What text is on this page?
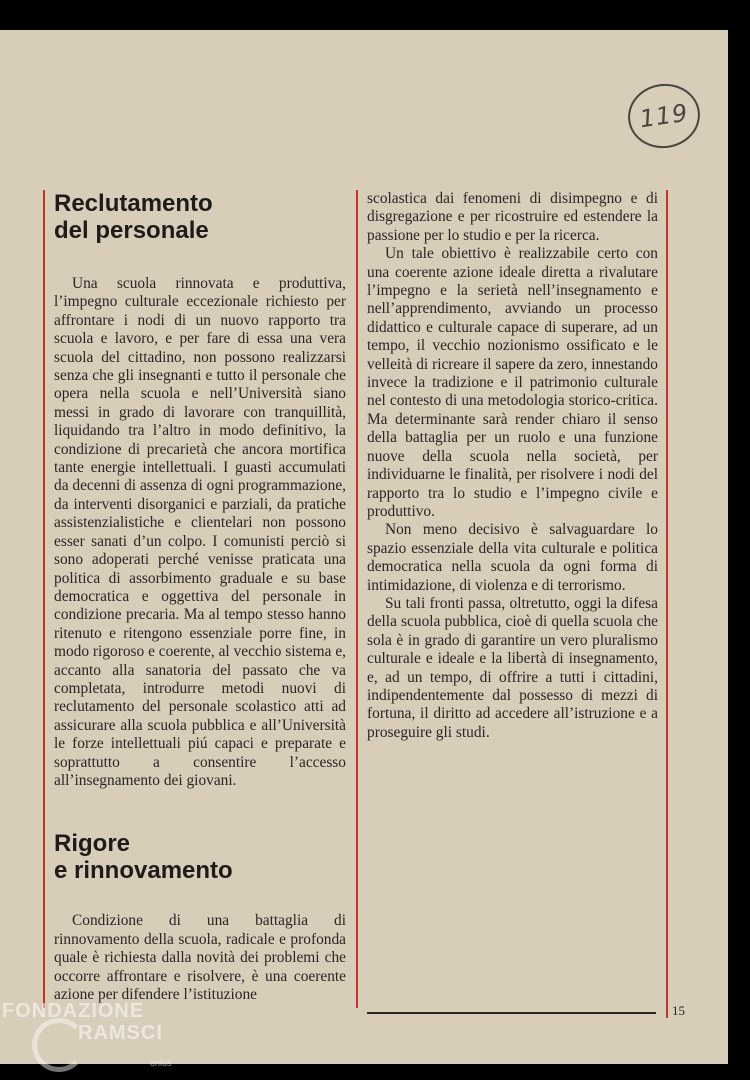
119
Reclutamento
del personale

Una scuola rinnovata e produttiva, l’impegno culturale eccezionale richiesto per affrontare i nodi di un nuovo rapporto tra scuola e lavoro, e per fare di essa una vera scuola del cittadino, non possono realizzarsi senza che gli insegnanti e tutto il personale che opera nella scuola e nell’Università siano messi in grado di lavorare con tranquillità, liquidando tra l’altro in modo definitivo, la condizione di precarietà che ancora mortifica tante energie intellettuali. I guasti accumulati da decenni di assenza di ogni programmazione, da interventi disorganici e parziali, da pratiche assistenzialistiche e clientelari non possono esser sanati d’un colpo. I comunisti perciò si sono adoperati perché venisse praticata una politica di assorbimento graduale e su base democratica e oggettiva del personale in condizione precaria. Ma al tempo stesso hanno ritenuto e ritengono essenziale porre fine, in modo rigoroso e coerente, al vecchio sistema e, accanto alla sanatoria del passato che va completata, introdurre metodi nuovi di reclutamento del personale scolastico atti ad assicurare alla scuola pubblica e all’Università le forze intellettuali piú capaci e preparate e soprattutto a consentire l’accesso all’insegnamento dei giovani.

Rigore
e rinnovamento

Condizione di una battaglia di rinnovamento della scuola, radicale e profonda quale è richiesta dalla novità dei problemi che occorre affrontare e risolvere, è una coerente azione per difendere l’istituzione

scolastica dai fenomeni di disimpegno e di disgregazione e per ricostruire ed estendere la passione per lo studio e per la ricerca.

Un tale obiettivo è realizzabile certo con una coerente azione ideale diretta a rivalutare l’impegno e la serietà nell’insegnamento e nell’apprendimento, avviando un processo didattico e culturale capace di superare, ad un tempo, il vecchio nozionismo ossificato e le velleità di ricreare il sapere da zero, innestando invece la tradizione e il patrimonio culturale nel contesto di una metodologia storico-critica. Ma determinante sarà render chiaro il senso della battaglia per un ruolo e una funzione nuove della scuola nella società, per individuarne le finalità, per risolvere i nodi del rapporto tra lo studio e l’impegno civile e produttivo.

Non meno decisivo è salvaguardare lo spazio essenziale della vita culturale e politica democratica nella scuola da ogni forma di intimidazione, di violenza e di terrorismo.

Su tali fronti passa, oltretutto, oggi la difesa della scuola pubblica, cioè di quella scuola che sola è in grado di garantire un vero pluralismo culturale e ideale e la libertà di insegnamento, e, ad un tempo, di offrire a tutti i cittadini, indipendentemente dal possesso di mezzi di fortuna, il diritto ad accedere all’istruzione e a proseguire gli studi.

15
FONDAZIONE
RAMSCI
onlus
